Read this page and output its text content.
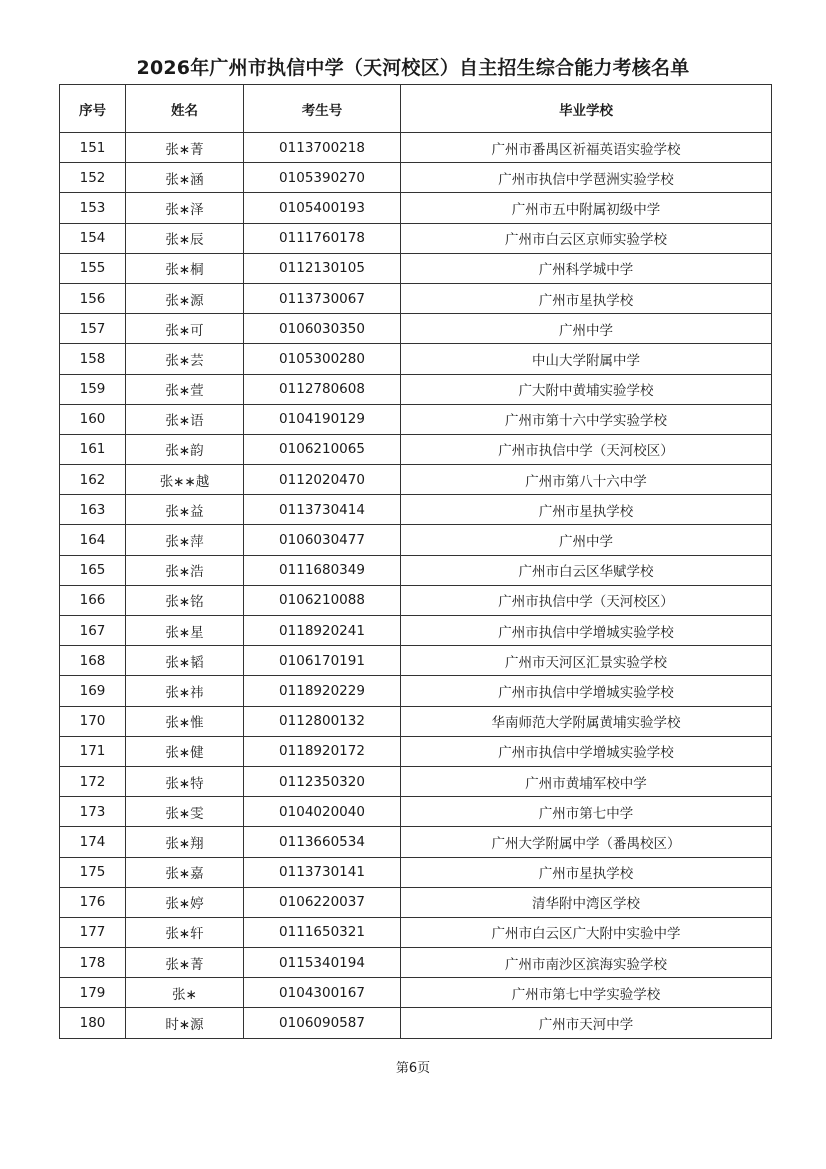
2026年广州市执信中学（天河校区）自主招生综合能力考核名单
序号	姓名	考生号	毕业学校
151	张∗菁	0113700218	广州市番禺区祈福英语实验学校
152	张∗涵	0105390270	广州市执信中学琶洲实验学校
153	张∗泽	0105400193	广州市五中附属初级中学
154	张∗辰	0111760178	广州市白云区京师实验学校
155	张∗桐	0112130105	广州科学城中学
156	张∗源	0113730067	广州市星执学校
157	张∗可	0106030350	广州中学
158	张∗芸	0105300280	中山大学附属中学
159	张∗萱	0112780608	广大附中黄埔实验学校
160	张∗语	0104190129	广州市第十六中学实验学校
161	张∗韵	0106210065	广州市执信中学（天河校区）
162	张∗∗越	0112020470	广州市第八十六中学
163	张∗益	0113730414	广州市星执学校
164	张∗萍	0106030477	广州中学
165	张∗浩	0111680349	广州市白云区华赋学校
166	张∗铭	0106210088	广州市执信中学（天河校区）
167	张∗星	0118920241	广州市执信中学增城实验学校
168	张∗韬	0106170191	广州市天河区汇景实验学校
169	张∗祎	0118920229	广州市执信中学增城实验学校
170	张∗惟	0112800132	华南师范大学附属黄埔实验学校
171	张∗健	0118920172	广州市执信中学增城实验学校
172	张∗特	0112350320	广州市黄埔军校中学
173	张∗雯	0104020040	广州市第七中学
174	张∗翔	0113660534	广州大学附属中学（番禺校区）
175	张∗嘉	0113730141	广州市星执学校
176	张∗婷	0106220037	清华附中湾区学校
177	张∗轩	0111650321	广州市白云区广大附中实验中学
178	张∗菁	0115340194	广州市南沙区滨海实验学校
179	张∗	0104300167	广州市第七中学实验学校
180	时∗源	0106090587	广州市天河中学
第6页
